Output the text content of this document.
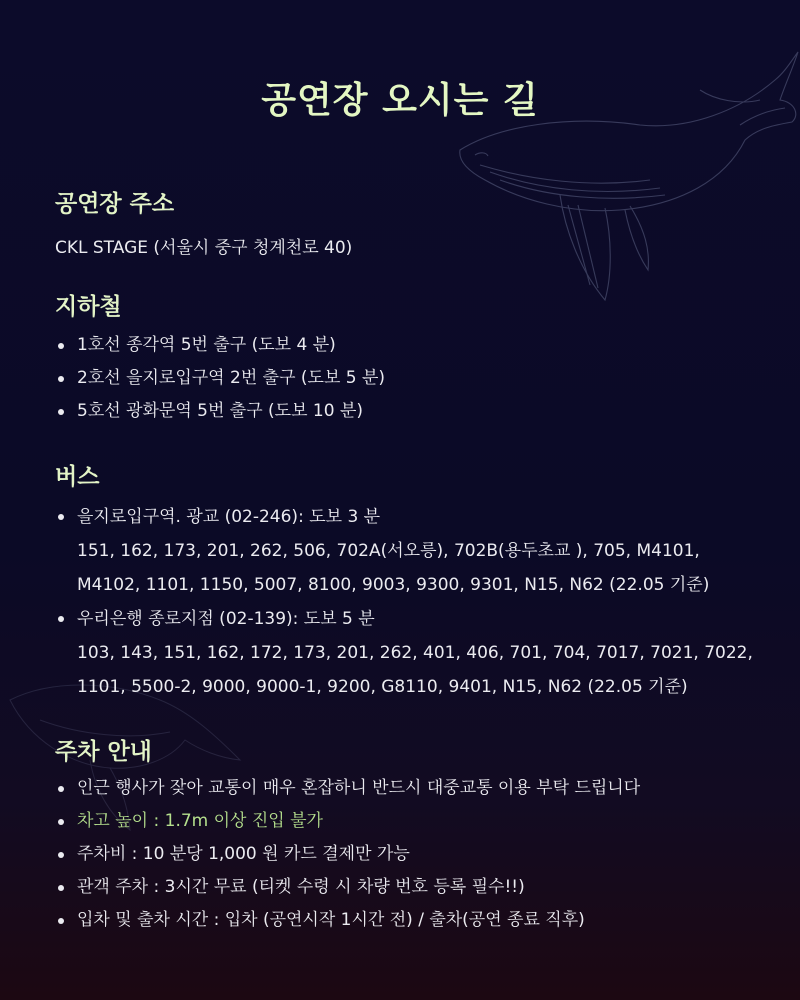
공연장 오시는 길
공연장 주소
CKL STAGE (서울시 중구 청계천로 40)
지하철
1호선 종각역 5번 출구 (도보 4 분)
2호선 을지로입구역 2번 출구 (도보 5 분)
5호선 광화문역 5번 출구 (도보 10 분)
버스
을지로입구역. 광교 (02-246): 도보 3 분
151, 162, 173, 201, 262, 506, 702A(서오릉), 702B(용두초교 ), 705, M4101,
M4102, 1101, 1150, 5007, 8100, 9003, 9300, 9301, N15, N62 (22.05 기준)
우리은행 종로지점 (02-139): 도보 5 분
103, 143, 151, 162, 172, 173, 201, 262, 401, 406, 701, 704, 7017, 7021, 7022,
1101, 5500-2, 9000, 9000-1, 9200, G8110, 9401, N15, N62 (22.05 기준)
주차 안내
인근 행사가 잦아 교통이 매우 혼잡하니 반드시 대중교통 이용 부탁 드립니다
차고 높이 : 1.7m 이상 진입 불가
주차비 : 10 분당 1,000 원 카드 결제만 가능
관객 주차 : 3시간 무료 (티켓 수령 시 차량 번호 등록 필수!!)
입차 및 출차 시간 : 입차 (공연시작 1시간 전) / 출차(공연 종료 직후)
